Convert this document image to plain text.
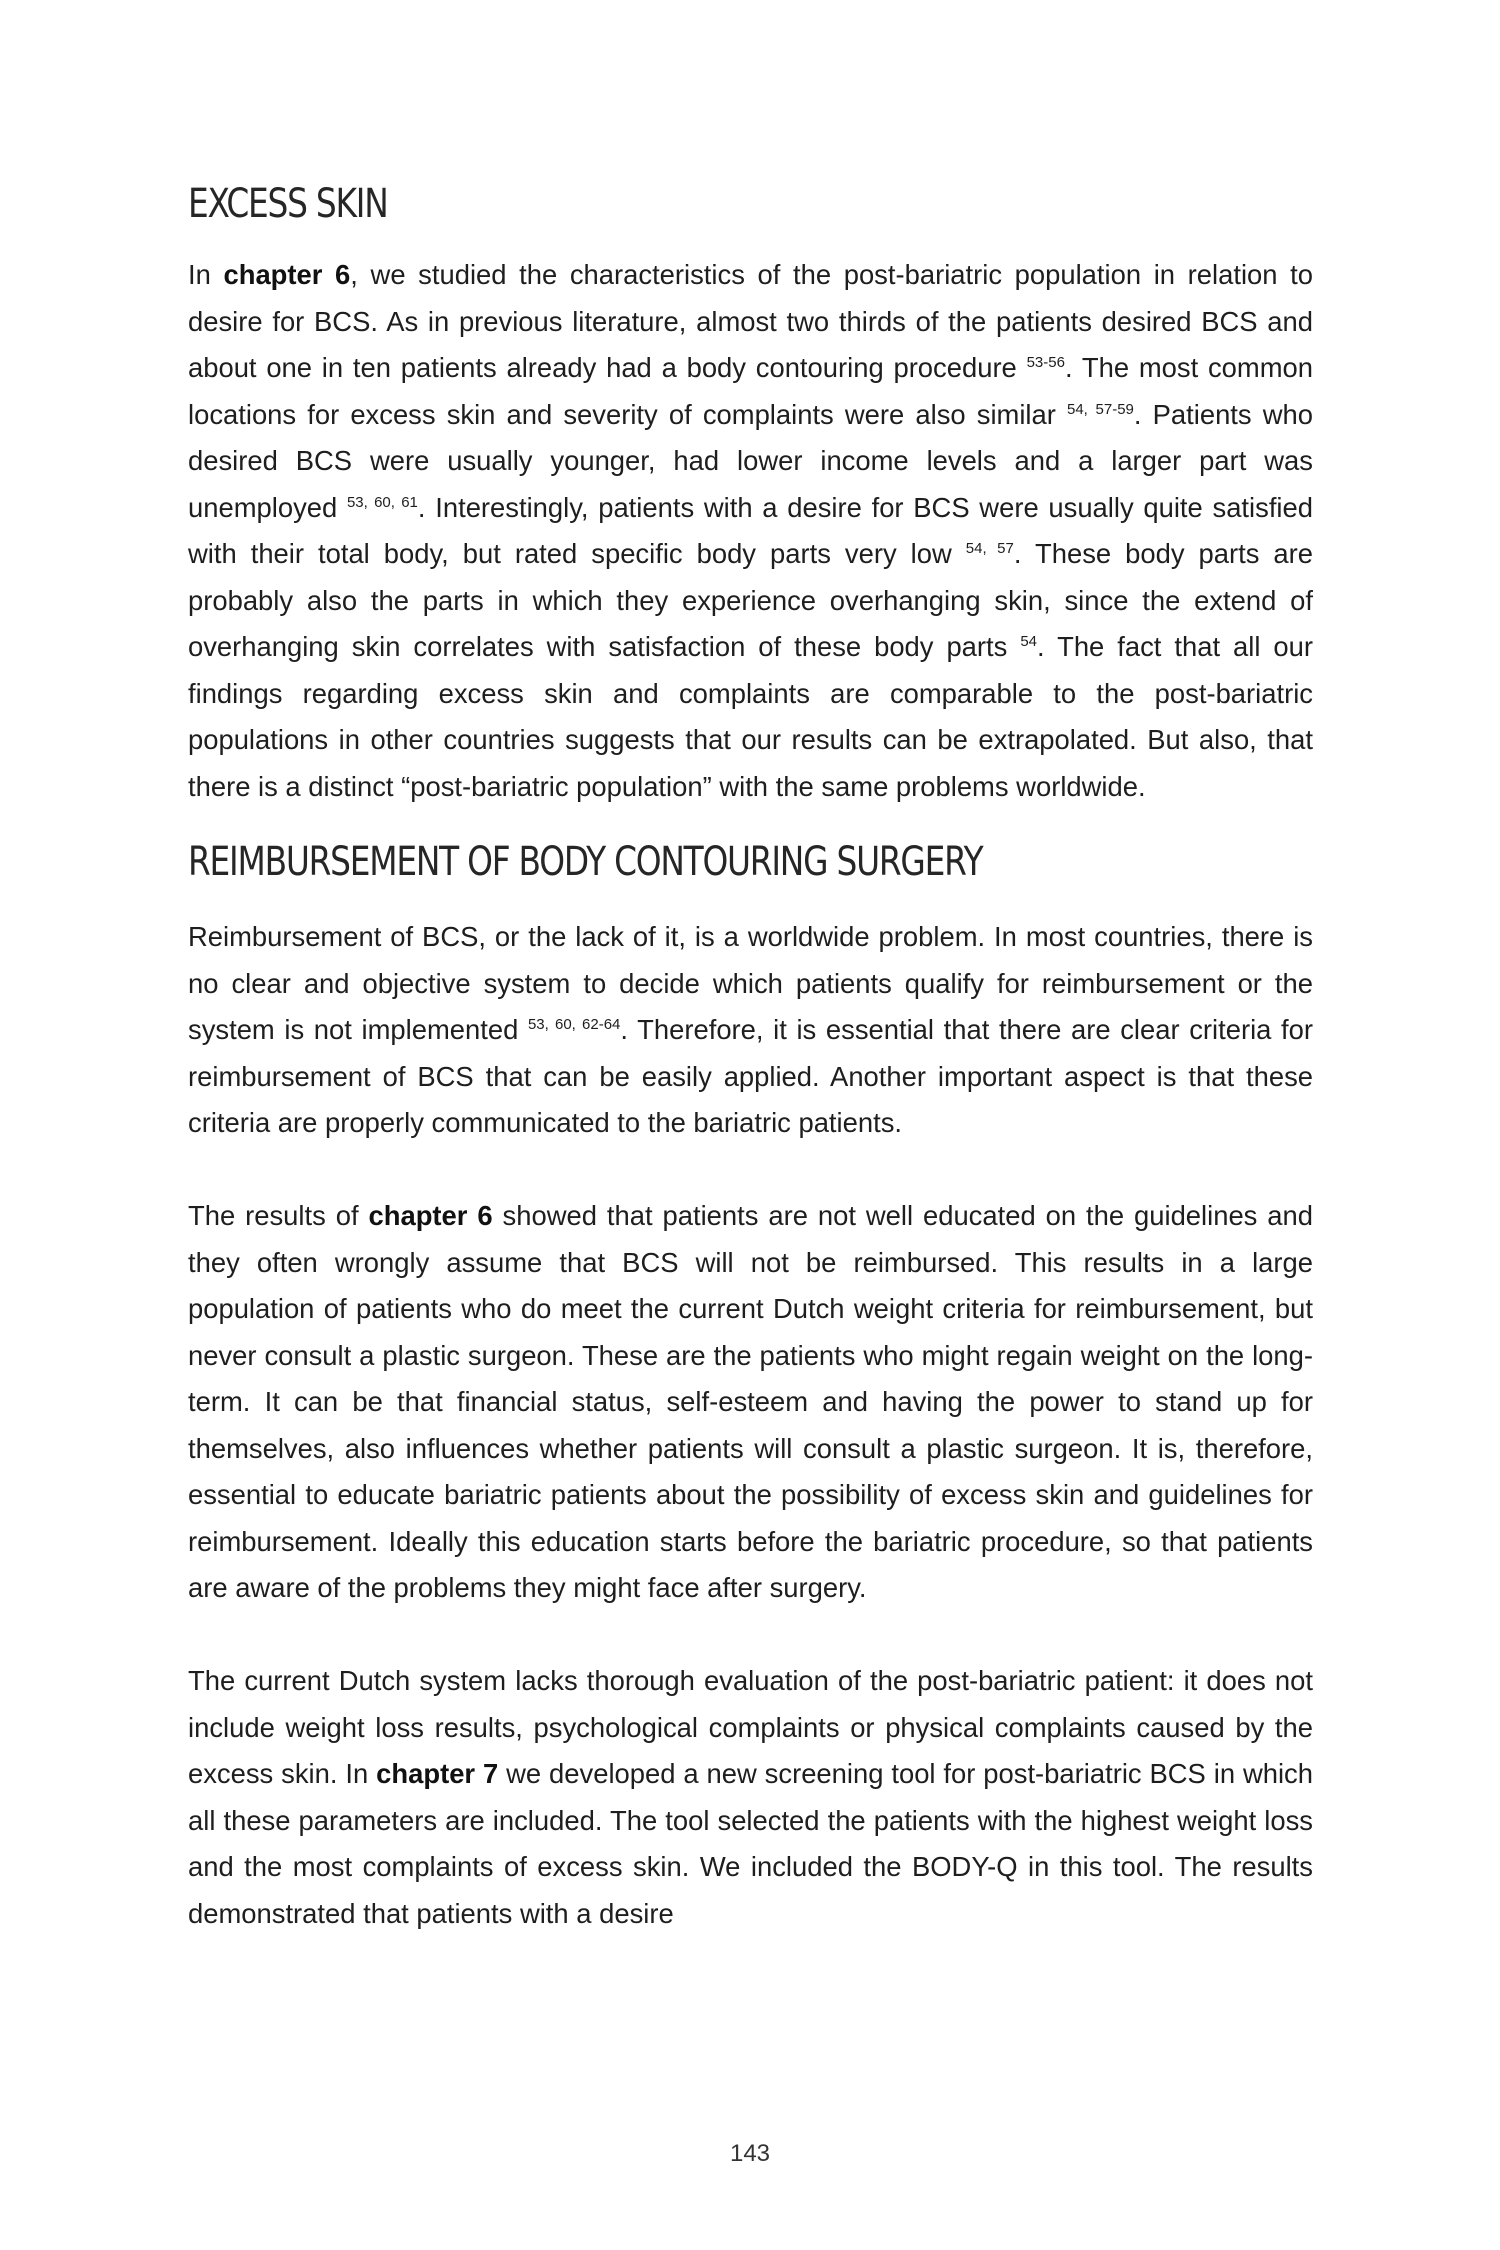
EXCESS SKIN

In chapter 6, we studied the characteristics of the post-bariatric population in relation to desire for BCS. As in previous literature, almost two thirds of the patients desired BCS and about one in ten patients already had a body contouring procedure $^{53-56}$. The most common locations for excess skin and severity of complaints were also similar $^{54, 57-59}$. Patients who desired BCS were usually younger, had lower income levels and a larger part was unemployed $^{53, 60, 61}$. Interestingly, patients with a desire for BCS were usually quite satisfied with their total body, but rated specific body parts very low $^{54, 57}$. These body parts are probably also the parts in which they experience overhanging skin, since the extend of overhanging skin correlates with satisfaction of these body parts $^{54}$. The fact that all our findings regarding excess skin and complaints are comparable to the post-bariatric populations in other countries suggests that our results can be extrapolated. But also, that there is a distinct “post-bariatric population” with the same problems worldwide.

REIMBURSEMENT OF BODY CONTOURING SURGERY

Reimbursement of BCS, or the lack of it, is a worldwide problem. In most countries, there is no clear and objective system to decide which patients qualify for reimbursement or the system is not implemented $^{53, 60, 62-64}$. Therefore, it is essential that there are clear criteria for reimbursement of BCS that can be easily applied. Another important aspect is that these criteria are properly communicated to the bariatric patients.

The results of chapter 6 showed that patients are not well educated on the guidelines and they often wrongly assume that BCS will not be reimbursed. This results in a large population of patients who do meet the current Dutch weight criteria for reimbursement, but never consult a plastic surgeon. These are the patients who might regain weight on the long-term. It can be that financial status, self-esteem and having the power to stand up for themselves, also influences whether patients will consult a plastic surgeon. It is, therefore, essential to educate bariatric patients about the possibility of excess skin and guidelines for reimbursement. Ideally this education starts before the bariatric procedure, so that patients are aware of the problems they might face after surgery.

The current Dutch system lacks thorough evaluation of the post-bariatric patient: it does not include weight loss results, psychological complaints or physical complaints caused by the excess skin. In chapter 7 we developed a new screening tool for post-bariatric BCS in which all these parameters are included. The tool selected the patients with the highest weight loss and the most complaints of excess skin. We included the BODY-Q in this tool. The results demonstrated that patients with a desire

143
